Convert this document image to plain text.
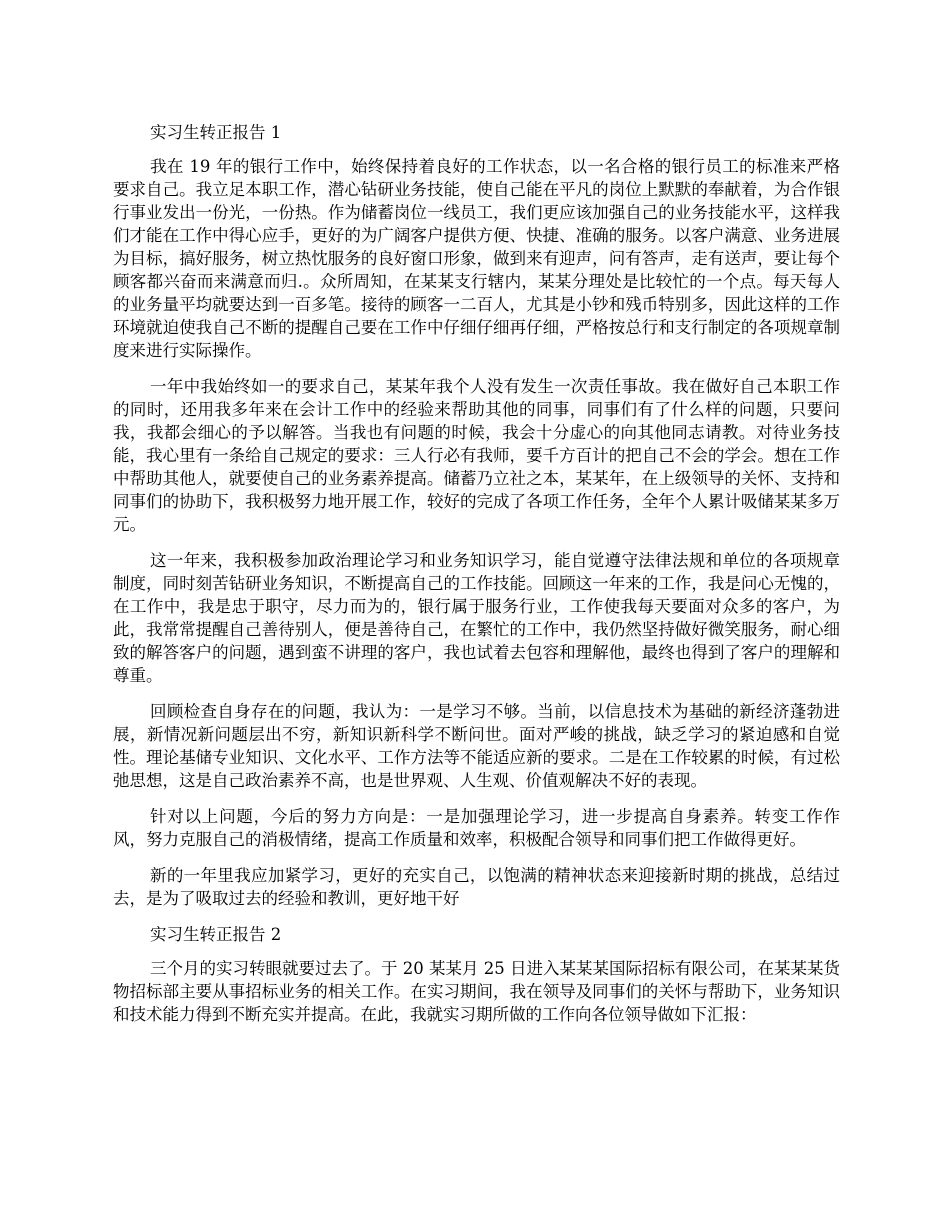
实习生转正报告 1

我在 19 年的银行工作中，始终保持着良好的工作状态，以一名合格的银行员工的标准来严格要求自己。我立足本职工作，潜心钻研业务技能，使自己能在平凡的岗位上默默的奉献着，为合作银行事业发出一份光，一份热。作为储蓄岗位一线员工，我们更应该加强自己的业务技能水平，这样我们才能在工作中得心应手，更好的为广阔客户提供方便、快捷、准确的服务。以客户满意、业务进展为目标，搞好服务，树立热忱服务的良好窗口形象，做到来有迎声，问有答声，走有送声，要让每个顾客都兴奋而来满意而归.。众所周知，在某某支行辖内，某某分理处是比较忙的一个点。每天每人的业务量平均就要达到一百多笔。接待的顾客一二百人，尤其是小钞和残币特别多，因此这样的工作环境就迫使我自己不断的提醒自己要在工作中仔细仔细再仔细，严格按总行和支行制定的各项规章制度来进行实际操作。

一年中我始终如一的要求自己，某某年我个人没有发生一次责任事故。我在做好自己本职工作的同时，还用我多年来在会计工作中的经验来帮助其他的同事，同事们有了什么样的问题，只要问我，我都会细心的予以解答。当我也有问题的时候，我会十分虚心的向其他同志请教。对待业务技能，我心里有一条给自己规定的要求：三人行必有我师，要千方百计的把自己不会的学会。想在工作中帮助其他人，就要使自己的业务素养提高。储蓄乃立社之本，某某年，在上级领导的关怀、支持和同事们的协助下，我积极努力地开展工作，较好的完成了各项工作任务，全年个人累计吸储某某多万元。

这一年来，我积极参加政治理论学习和业务知识学习，能自觉遵守法律法规和单位的各项规章制度，同时刻苦钻研业务知识，不断提高自己的工作技能。回顾这一年来的工作，我是问心无愧的，在工作中，我是忠于职守，尽力而为的，银行属于服务行业，工作使我每天要面对众多的客户，为此，我常常提醒自己善待别人，便是善待自己，在繁忙的工作中，我仍然坚持做好微笑服务，耐心细致的解答客户的问题，遇到蛮不讲理的客户，我也试着去包容和理解他，最终也得到了客户的理解和尊重。

回顾检查自身存在的问题，我认为：一是学习不够。当前，以信息技术为基础的新经济蓬勃进展，新情况新问题层出不穷，新知识新科学不断问世。面对严峻的挑战，缺乏学习的紧迫感和自觉性。理论基储专业知识、文化水平、工作方法等不能适应新的要求。二是在工作较累的时候，有过松弛思想，这是自己政治素养不高，也是世界观、人生观、价值观解决不好的表现。

针对以上问题，今后的努力方向是：一是加强理论学习，进一步提高自身素养。转变工作作风，努力克服自己的消极情绪，提高工作质量和效率，积极配合领导和同事们把工作做得更好。

新的一年里我应加紧学习，更好的充实自己，以饱满的精神状态来迎接新时期的挑战，总结过去，是为了吸取过去的经验和教训，更好地干好

实习生转正报告 2

三个月的实习转眼就要过去了。于 20 某某月 25 日进入某某某国际招标有限公司，在某某某货物招标部主要从事招标业务的相关工作。在实习期间，我在领导及同事们的关怀与帮助下，业务知识和技术能力得到不断充实并提高。在此，我就实习期所做的工作向各位领导做如下汇报：
